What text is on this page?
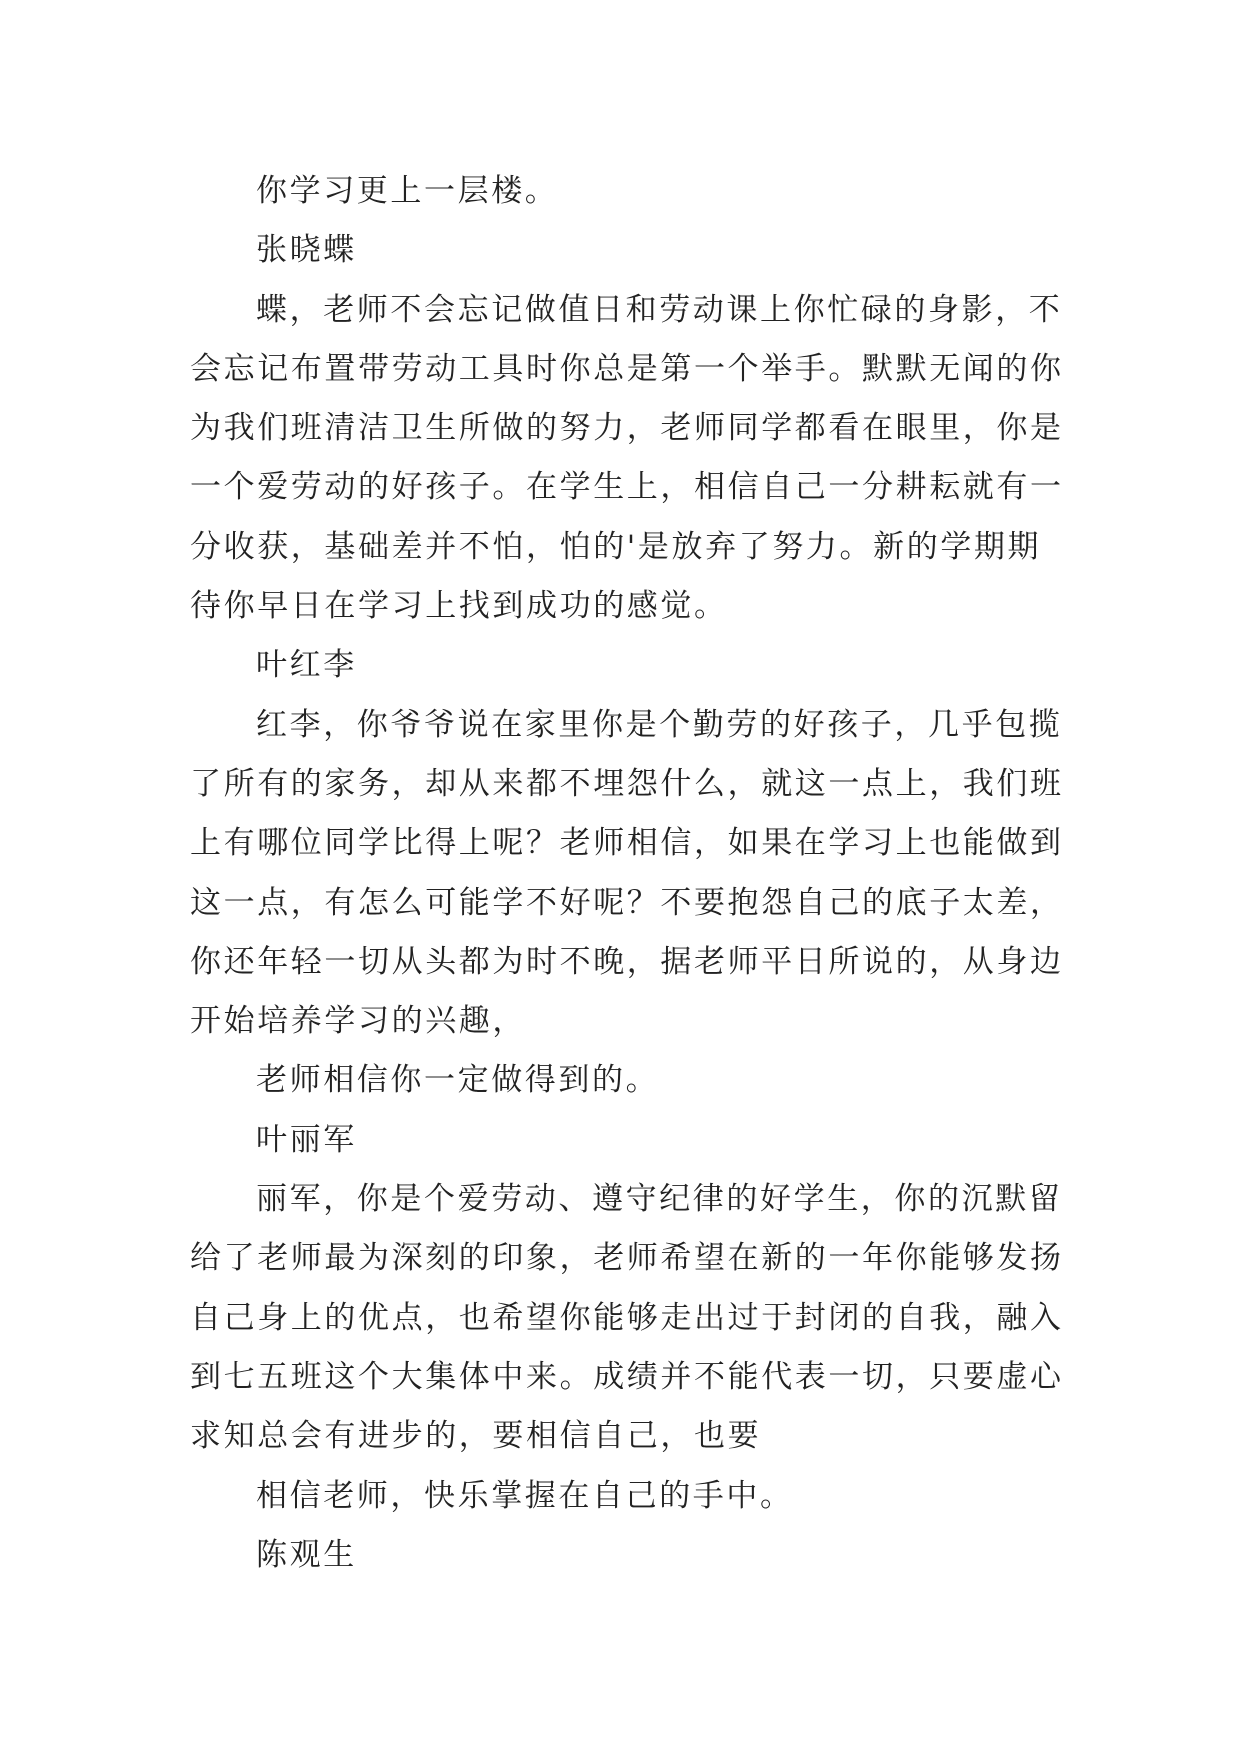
你学习更上一层楼。
张晓蝶
蝶，老师不会忘记做值日和劳动课上你忙碌的身影，不
会忘记布置带劳动工具时你总是第一个举手。默默无闻的你
为我们班清洁卫生所做的努力，老师同学都看在眼里，你是
一个爱劳动的好孩子。在学生上，相信自己一分耕耘就有一
分收获，基础差并不怕，怕的'是放弃了努力。新的学期期
待你早日在学习上找到成功的感觉。
叶红李
红李，你爷爷说在家里你是个勤劳的好孩子，几乎包揽
了所有的家务，却从来都不埋怨什么，就这一点上，我们班
上有哪位同学比得上呢？老师相信，如果在学习上也能做到
这一点，有怎么可能学不好呢？不要抱怨自己的底子太差，
你还年轻一切从头都为时不晚，据老师平日所说的，从身边
开始培养学习的兴趣，
老师相信你一定做得到的。
叶丽军
丽军，你是个爱劳动、遵守纪律的好学生，你的沉默留
给了老师最为深刻的印象，老师希望在新的一年你能够发扬
自己身上的优点，也希望你能够走出过于封闭的自我，融入
到七五班这个大集体中来。成绩并不能代表一切，只要虚心
求知总会有进步的，要相信自己，也要
相信老师，快乐掌握在自己的手中。
陈观生
